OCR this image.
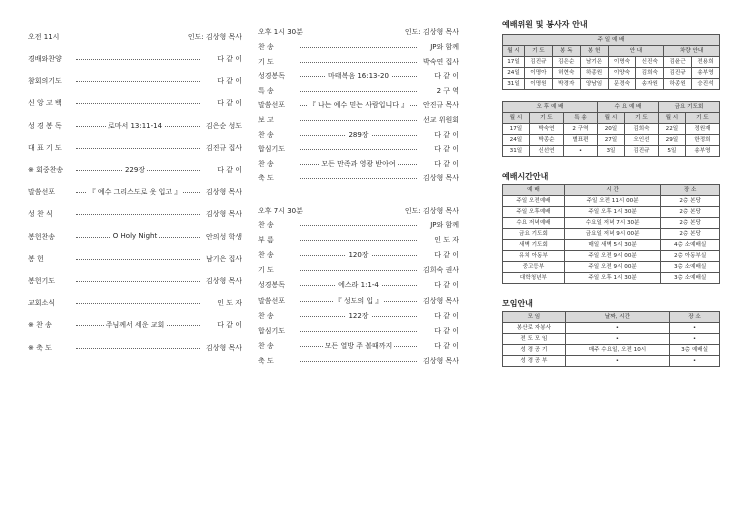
오전 11시	인도: 김상형 목사
경배와찬양	다 같 이
참회의기도	다 같 이
신 앙 고 백	다 같 이
성 경 봉 독	로마서 13:11-14	김은순 성도
대 표 기 도	김진규 집사
※ 회중찬송	229장	다 같 이
말씀선포	『 예수 그리스도로 옷 입고 』	김상형 목사
성 찬 식	김상형 목사
봉헌찬송	O Holy Night	안의성 학생
봉 헌	남기은 집사
봉헌기도	김상형 목사
교회소식	인 도 자
※ 찬 송	주님께서 세운 교회	다 같 이
※ 축 도	김상형 목사
오후 1시 30분	인도: 김상형 목사
찬 송	JP와 함께
기 도	박숙연 집사
성경봉독	마태복음 16:13-20	다 같 이
특 송	2 구 역
말씀선포	『 나는 예수 믿는 사람입니다 』 안진규 목사
보 고	선교 위원회
찬 송	289장	다 같 이
합심기도	다 같 이
찬 송	모든 만족과 영광 받아여	다 같 이
축 도	김상형 목사
오후 7시 30분	인도: 김상형 목사
찬 송	JP와 함께
부 름	인 도 자
찬 송	120장	다 같 이
기 도	김희숙 권사
성경봉독	에스라 1:1-4	다 같 이
말씀선포	『 성도의 입 』	김상형 목사
찬 송	122장	다 같 이
합심기도	다 같 이
찬 송	모든 열방 주 볼때까지	다 같 이
축 도	김상형 목사
예배위원 및 봉사자 안내
주 일 예 배							
월 시	기 도	봉 독	봉 헌	안 내		차량 안내	
17일	김진규	김은순	남기은	이명숙	신진숙	김윤근	전용희
24일	이명아	허현숙	하종원	이양숙	김희숙	김진규	송부영
31일	이명원	박경자	양남임	문경숙	송자원	하종원	승진석
오 후 예 배			수 요 예 배		금요 기도회	
월 시	기 도	특 송	월 시	기 도	월 시	기 도
17일	박숙연	2 구역	20일	김희숙	22일	정원재
24일	박종순	별표편	27일	오인선	29일	한정희
31일	신선연	•	3일	김진규	5일	송부영
예배시간안내
예 배	시 간	장 소
주일 오전예배	주일 오전 11시 00분	2층 본당
주일 오후예배	주일 오후 1시 30분	2층 본당
수요 저녁예배	수요일 저녁 7시 30분	2층 본당
금요 기도회	금요일 저녁 9시 00분	2층 본당
새벽 기도회	매일 새벽 5시 30분	4층 소예배실
유치 아동부	주일 오전 9시 00분	2층 아동부실
중고등부	주일 오전 9시 00분	3층 소예배실
대학청년부	주일 오후 1시 30분	3층 소예배실
모임안내
모 임	날짜, 시간	장 소
봉산로 자봉사	•	•
전 도 모 임	•	•
성 경 공 기	매주 수요일, 오전 10시	3층 예배실
성 경 공 부	•	•
